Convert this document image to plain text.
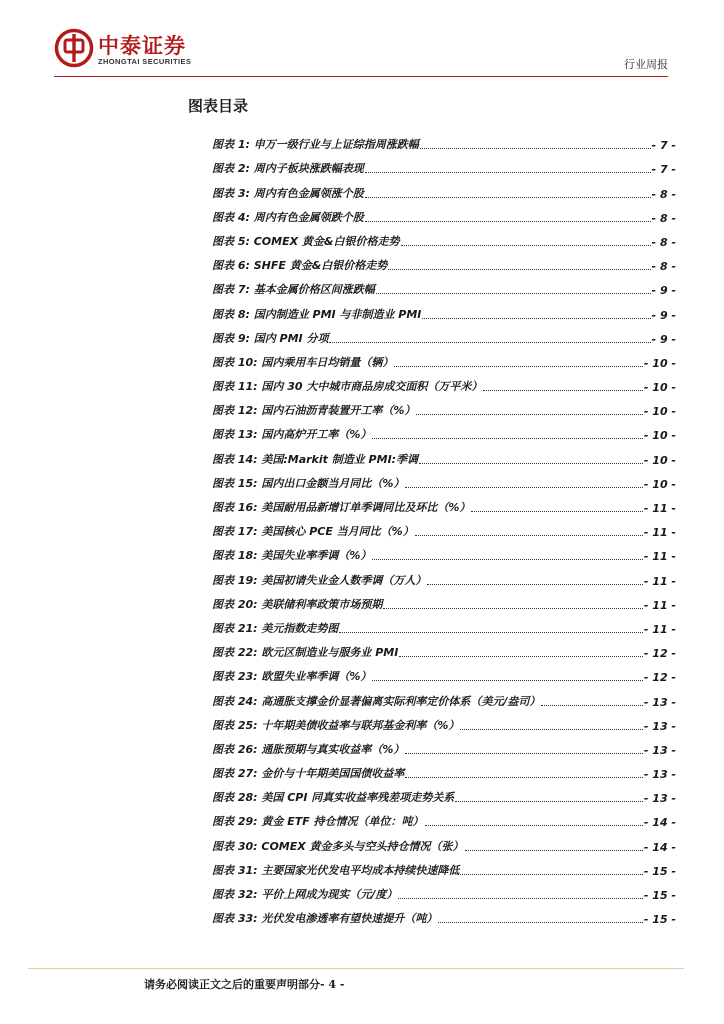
中泰证券
ZHONGTAI SECURITIES	行业周报
图表目录
图表 1: 申万一级行业与上证综指周涨跌幅	- 7 -
图表 2: 周内子板块涨跌幅表现	- 7 -
图表 3: 周内有色金属领涨个股	- 8 -
图表 4: 周内有色金属领跌个股	- 8 -
图表 5: COMEX 黄金&白银价格走势	- 8 -
图表 6: SHFE 黄金&白银价格走势	- 8 -
图表 7: 基本金属价格区间涨跌幅	- 9 -
图表 8: 国内制造业 PMI 与非制造业 PMI	- 9 -
图表 9: 国内 PMI 分项	- 9 -
图表 10: 国内乘用车日均销量（辆）	- 10 -
图表 11: 国内 30 大中城市商品房成交面积（万平米）	- 10 -
图表 12: 国内石油沥青装置开工率（%）	- 10 -
图表 13: 国内高炉开工率（%）	- 10 -
图表 14: 美国:Markit 制造业 PMI:季调	- 10 -
图表 15: 国内出口金额当月同比（%）	- 10 -
图表 16: 美国耐用品新增订单季调同比及环比（%）	- 11 -
图表 17: 美国核心 PCE 当月同比（%）	- 11 -
图表 18: 美国失业率季调（%）	- 11 -
图表 19: 美国初请失业金人数季调（万人）	- 11 -
图表 20: 美联储利率政策市场预期	- 11 -
图表 21: 美元指数走势图	- 11 -
图表 22: 欧元区制造业与服务业 PMI	- 12 -
图表 23: 欧盟失业率季调（%）	- 12 -
图表 24: 高通胀支撑金价显著偏离实际利率定价体系（美元/盎司）	- 13 -
图表 25: 十年期美债收益率与联邦基金利率（%）	- 13 -
图表 26: 通胀预期与真实收益率（%）	- 13 -
图表 27: 金价与十年期美国国债收益率	- 13 -
图表 28: 美国 CPI 同真实收益率残差项走势关系	- 13 -
图表 29: 黄金 ETF 持仓情况（单位：吨）	- 14 -
图表 30: COMEX 黄金多头与空头持仓情况（张）	- 14 -
图表 31: 主要国家光伏发电平均成本持续快速降低	- 15 -
图表 32: 平价上网成为现实（元/度）	- 15 -
图表 33: 光伏发电渗透率有望快速提升（吨）	- 15 -
请务必阅读正文之后的重要声明部分- 4 -
